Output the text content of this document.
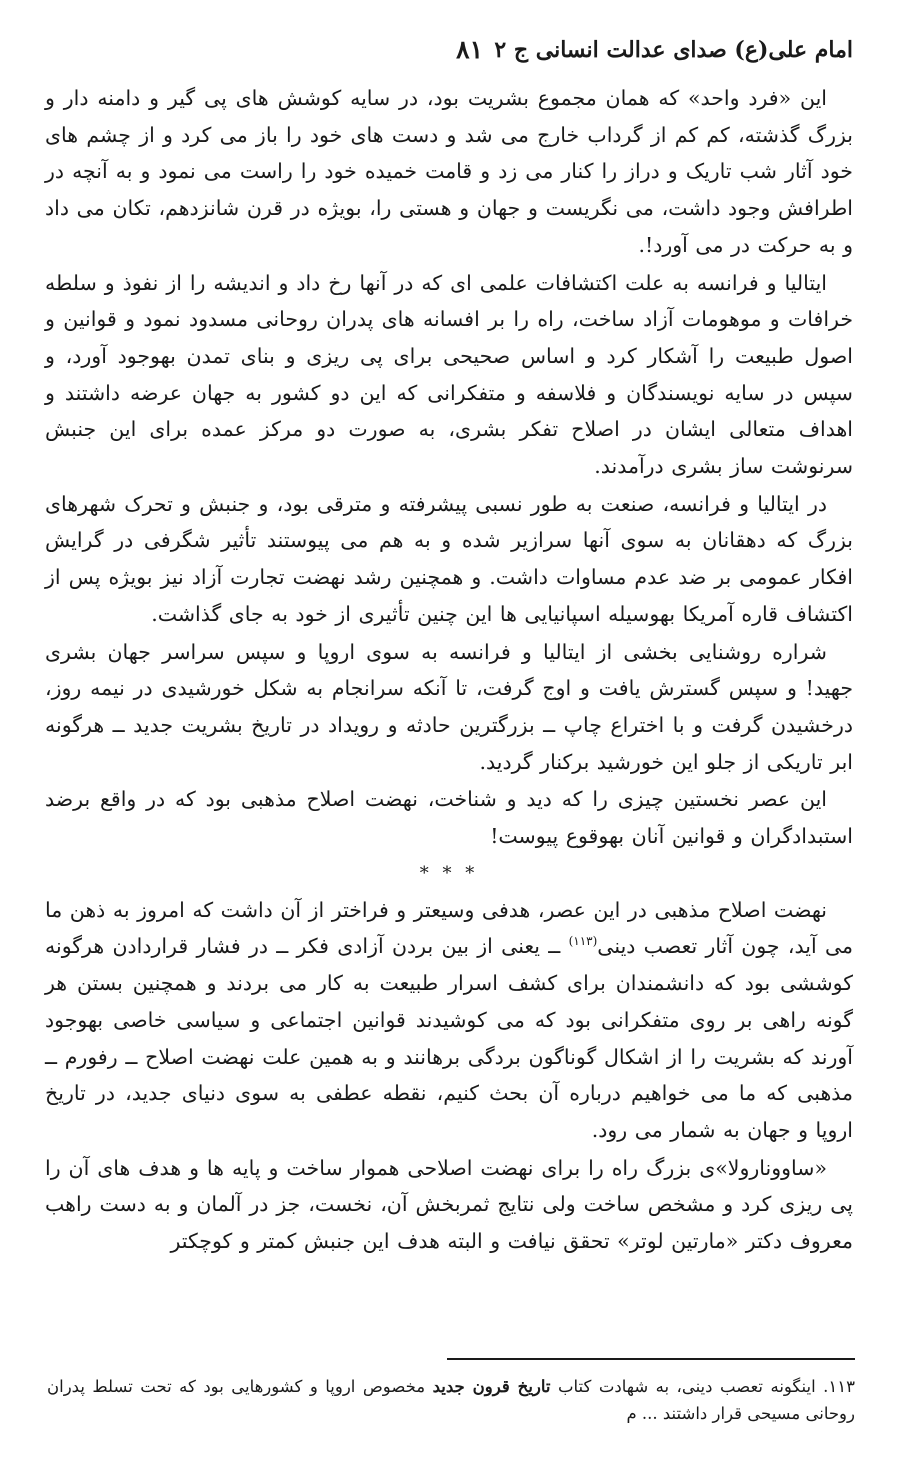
امام علی(ع) صدای عدالت انسانی ج ۲
۸۱

این «فرد واحد» که همان مجموع بشریت بود، در سایه کوشش های پی گیر و دامنه دار و بزرگ گذشته، کم کم از گرداب خارج می شد و دست های خود را باز می کرد و از چشم های خود آثار شب تاریک و دراز را کنار می زد و قامت خمیده خود را راست می نمود و به آنچه در اطرافش وجود داشت، می نگریست و جهان و هستی را، بویژه در قرن شانزدهم، تکان می داد و به حرکت در می آورد!.

ایتالیا و فرانسه به علت اکتشافات علمی ای که در آنها رخ داد و اندیشه را از نفوذ و سلطه خرافات و موهومات آزاد ساخت، راه را بر افسانه های پدران روحانی مسدود نمود و قوانین و اصول طبیعت را آشکار کرد و اساس صحیحی برای پی ریزی و بنای تمدن بهوجود آورد، و سپس در سایه نویسندگان و فلاسفه و متفکرانی که این دو کشور به جهان عرضه داشتند و اهداف متعالی ایشان در اصلاح تفکر بشری، به صورت دو مرکز عمده برای این جنبش سرنوشت ساز بشری درآمدند.

در ایتالیا و فرانسه، صنعت به طور نسبی پیشرفته و مترقی بود، و جنبش و تحرک شهرهای بزرگ که دهقانان به سوی آنها سرازیر شده و به هم می پیوستند تأثیر شگرفی در گرایش افکار عمومی بر ضد عدم مساوات داشت. و همچنین رشد نهضت تجارت آزاد نیز بویژه پس از اکتشاف قاره آمریکا بهوسیله اسپانیایی ها این چنین تأثیری از خود به جای گذاشت.

شراره روشنایی بخشی از ایتالیا و فرانسه به سوی اروپا و سپس سراسر جهان بشری جهید! و سپس گسترش یافت و اوج گرفت، تا آنکه سرانجام به شکل خورشیدی در نیمه روز، درخشیدن گرفت و با اختراع چاپ ــ بزرگترین حادثه و رویداد در تاریخ بشریت جدید ــ هرگونه ابر تاریکی از جلو این خورشید برکنار گردید.

این عصر نخستین چیزی را که دید و شناخت، نهضت اصلاح مذهبی بود که در واقع برضد استبدادگران و قوانین آنان بهوقوع پیوست!

* * *

نهضت اصلاح مذهبی در این عصر، هدفی وسیعتر و فراختر از آن داشت که امروز به ذهن ما می آید، چون آثار تعصب دینی$^{(۱۱۳)}$ ــ یعنی از بین بردن آزادی فکر ــ در فشار قراردادن هرگونه کوششی بود که دانشمندان برای کشف اسرار طبیعت به کار می بردند و همچنین بستن هر گونه راهی بر روی متفکرانی بود که می کوشیدند قوانین اجتماعی و سیاسی خاصی بهوجود آورند که بشریت را از اشکال گوناگون بردگی برهانند و به همین علت نهضت اصلاح ــ رفورم ــ مذهبی که ما می خواهیم درباره آن بحث کنیم، نقطه عطفی به سوی دنیای جدید، در تاریخ اروپا و جهان به شمار می رود.

«ساوونارولا»ی بزرگ راه را برای نهضت اصلاحی هموار ساخت و پایه ها و هدف های آن را پی ریزی کرد و مشخص ساخت ولی نتایج ثمربخش آن، نخست، جز در آلمان و به دست راهب معروف دکتر «مارتین لوتر» تحقق نیافت و البته هدف این جنبش کمتر و کوچکتر

۱۱۳. اینگونه تعصب دینی، به شهادت کتاب تاریخ قرون جدید مخصوص اروپا و کشورهایی بود که تحت تسلط پدران روحانی مسیحی قرار داشتند ... م
